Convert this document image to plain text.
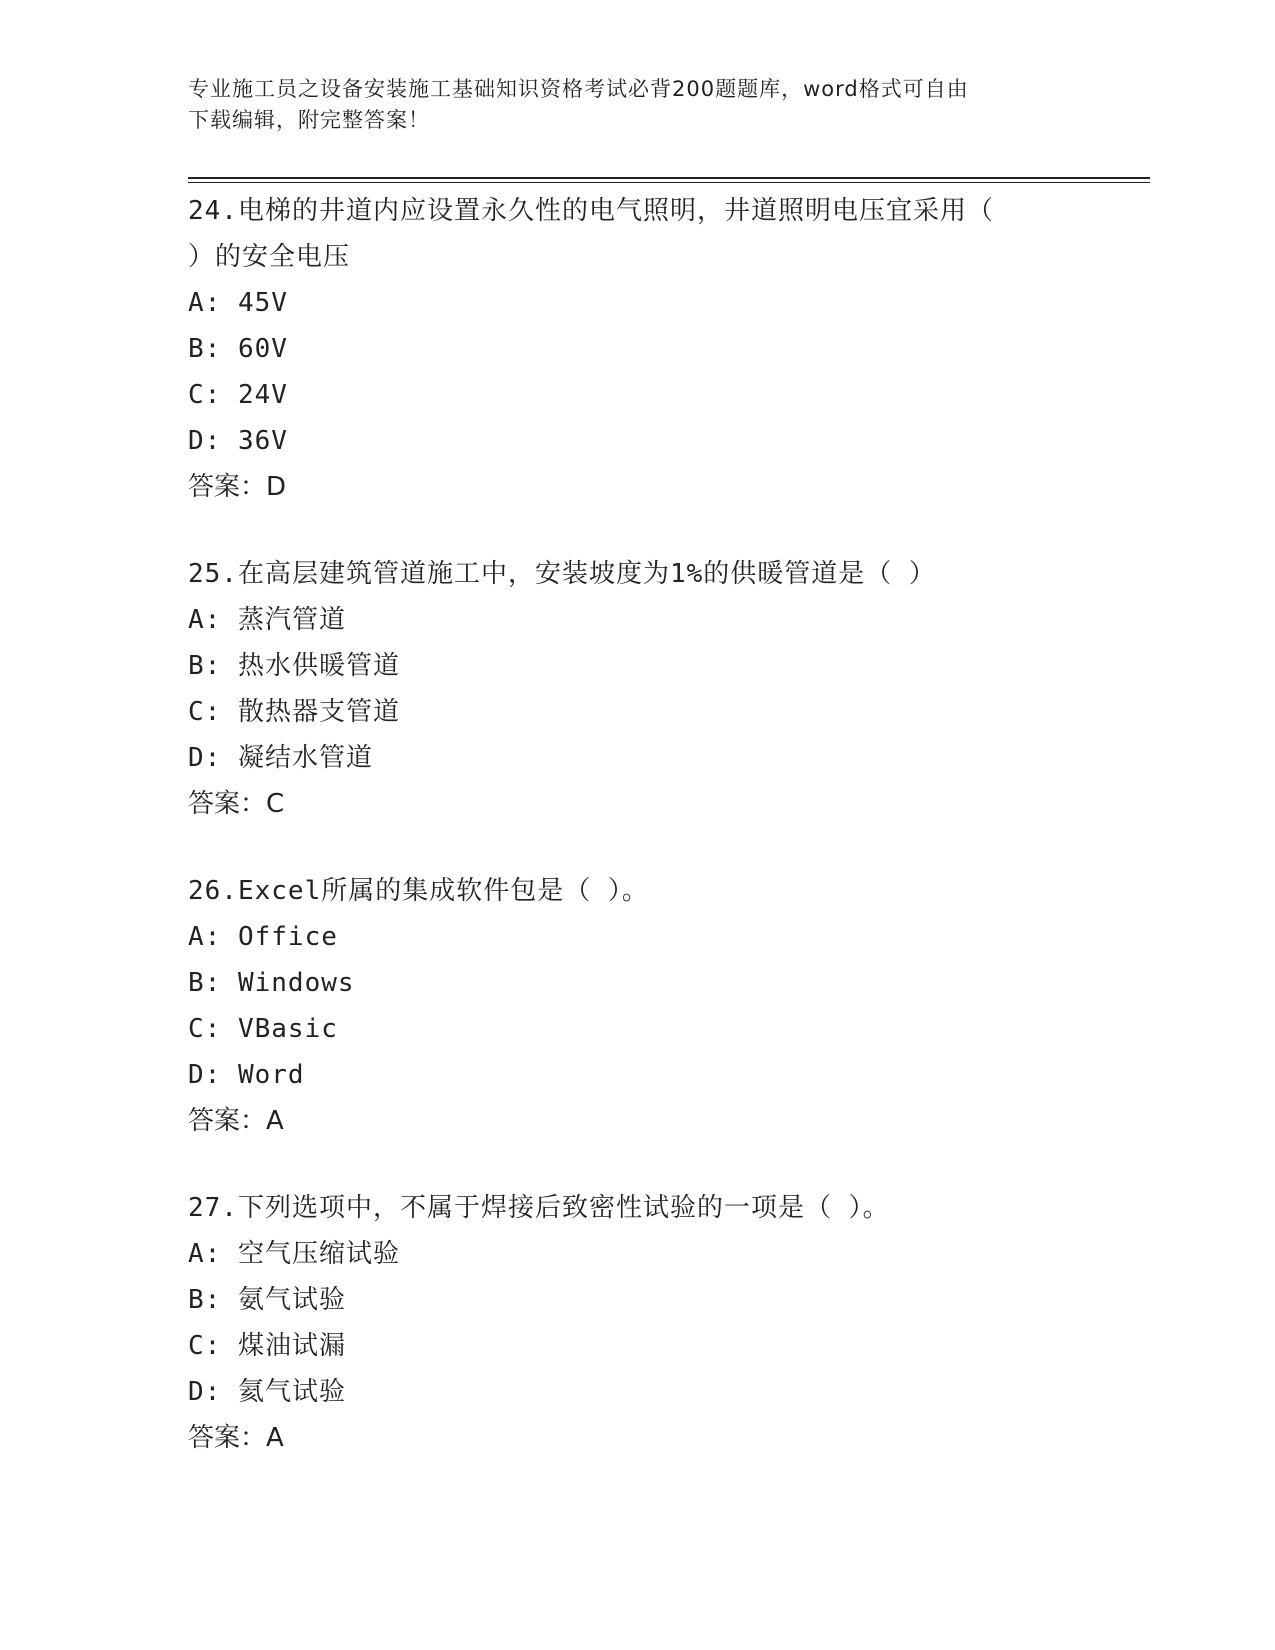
专业施工员之设备安装施工基础知识资格考试必背200题题库，word格式可自由
下载编辑，附完整答案！
24.电梯的井道内应设置永久性的电气照明，井道照明电压宜采用（
）的安全电压
A: 45V
B: 60V
C: 24V
D: 36V
答案：D
25.在高层建筑管道施工中，安装坡度为1%的供暖管道是（ ）
A: 蒸汽管道
B: 热水供暖管道
C: 散热器支管道
D: 凝结水管道
答案：C
26.Excel所属的集成软件包是（ ）。
A: Office
B: Windows
C: VBasic
D: Word
答案：A
27.下列选项中，不属于焊接后致密性试验的一项是（ ）。
A: 空气压缩试验
B: 氨气试验
C: 煤油试漏
D: 氦气试验
答案：A
